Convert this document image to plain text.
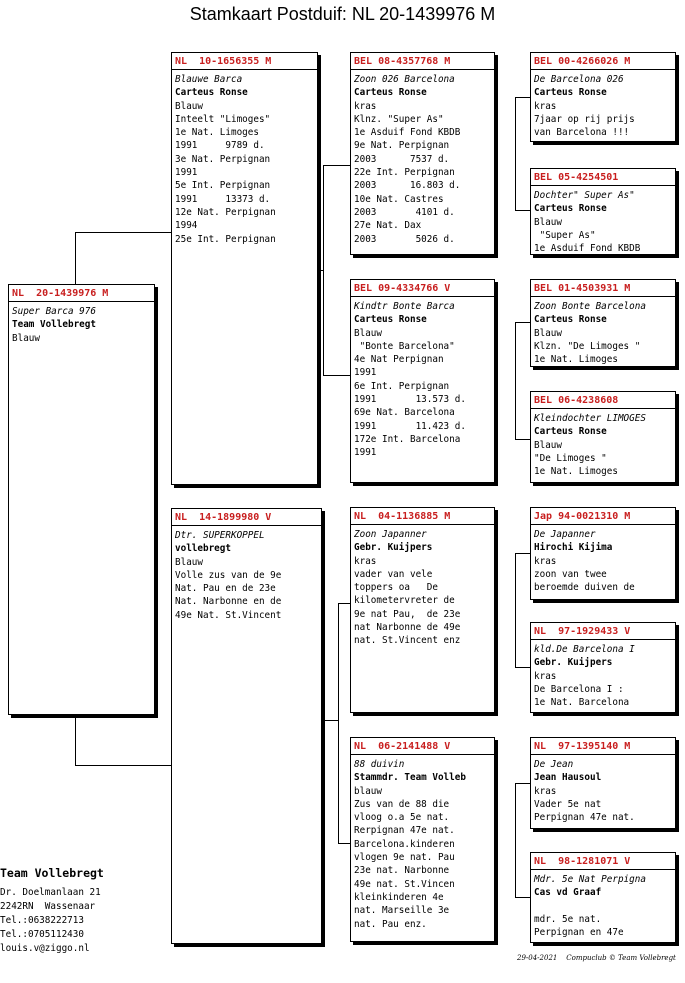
Stamkaart Postduif: NL 20-1439976 M
NL  20-1439976 M
Super Barca 976
Team Vollebregt
Blauw
NL  10-1656355 M
Blauwe Barca
Carteus Ronse
Blauw
Inteelt "Limoges"
1e Nat. Limoges
1991     9789 d.
3e Nat. Perpignan
1991
5e Int. Perpignan
1991     13373 d.
12e Nat. Perpignan
1994
25e Int. Perpignan
NL  14-1899980 V
Dtr. SUPERKOPPEL
vollebregt
Blauw
Volle zus van de 9e
Nat. Pau en de 23e
Nat. Narbonne en de
49e Nat. St.Vincent
BEL 08-4357768 M
Zoon 026 Barcelona
Carteus Ronse
kras
Klnz. "Super As"
1e Asduif Fond KBDB
9e Nat. Perpignan
2003      7537 d.
22e Int. Perpignan
2003      16.803 d.
10e Nat. Castres
2003       4101 d.
27e Nat. Dax
2003       5026 d.
BEL 09-4334766 V
Kindtr Bonte Barca
Carteus Ronse
Blauw
"Bonte Barcelona"
4e Nat Perpignan
1991
6e Int. Perpignan
1991       13.573 d.
69e Nat. Barcelona
1991       11.423 d.
172e Int. Barcelona
1991
NL  04-1136885 M
Zoon Japanner
Gebr. Kuijpers
kras
vader van vele
toppers oa   De
kilometervreter de
9e nat Pau,  de 23e
nat Narbonne de 49e
nat. St.Vincent enz
NL  06-2141488 V
88 duivin
Stammdr. Team Volleb
blauw
Zus van de 88 die
vloog o.a 5e nat.
Rerpignan 47e nat.
Barcelona.kinderen
vlogen 9e nat. Pau
23e nat. Narbonne
49e nat. St.Vincen
kleinkinderen 4e
nat. Marseille 3e
nat. Pau enz.
BEL 00-4266026 M
De Barcelona 026
Carteus Ronse
kras
7jaar op rij prijs
van Barcelona !!!
BEL 05-4254501
Dochter" Super As"
Carteus Ronse
Blauw
"Super As"
1e Asduif Fond KBDB
BEL 01-4503931 M
Zoon Bonte Barcelona
Carteus Ronse
Blauw
Klzn. "De Limoges "
1e Nat. Limoges
BEL 06-4238608
Kleindochter LIMOGES
Carteus Ronse
Blauw
"De Limoges "
1e Nat. Limoges
Jap 94-0021310 M
De Japanner
Hirochi Kijima
kras
zoon van twee
beroemde duiven de
NL  97-1929433 V
kld.De Barcelona I
Gebr. Kuijpers
kras
De Barcelona I :
1e Nat. Barcelona
NL  97-1395140 M
De Jean
Jean Hausoul
kras
Vader 5e nat
Perpignan 47e nat.
NL  98-1281071 V
Mdr. 5e Nat Perpigna
Cas vd Graaf

mdr. 5e nat.
Perpignan en 47e
Team Vollebregt
Dr. Doelmanlaan 21
2242RN  Wassenaar
Tel.:0638222713
Tel.:0705112430
louis.v@ziggo.nl
29-04-2021    Compuclub © Team Vollebregt
